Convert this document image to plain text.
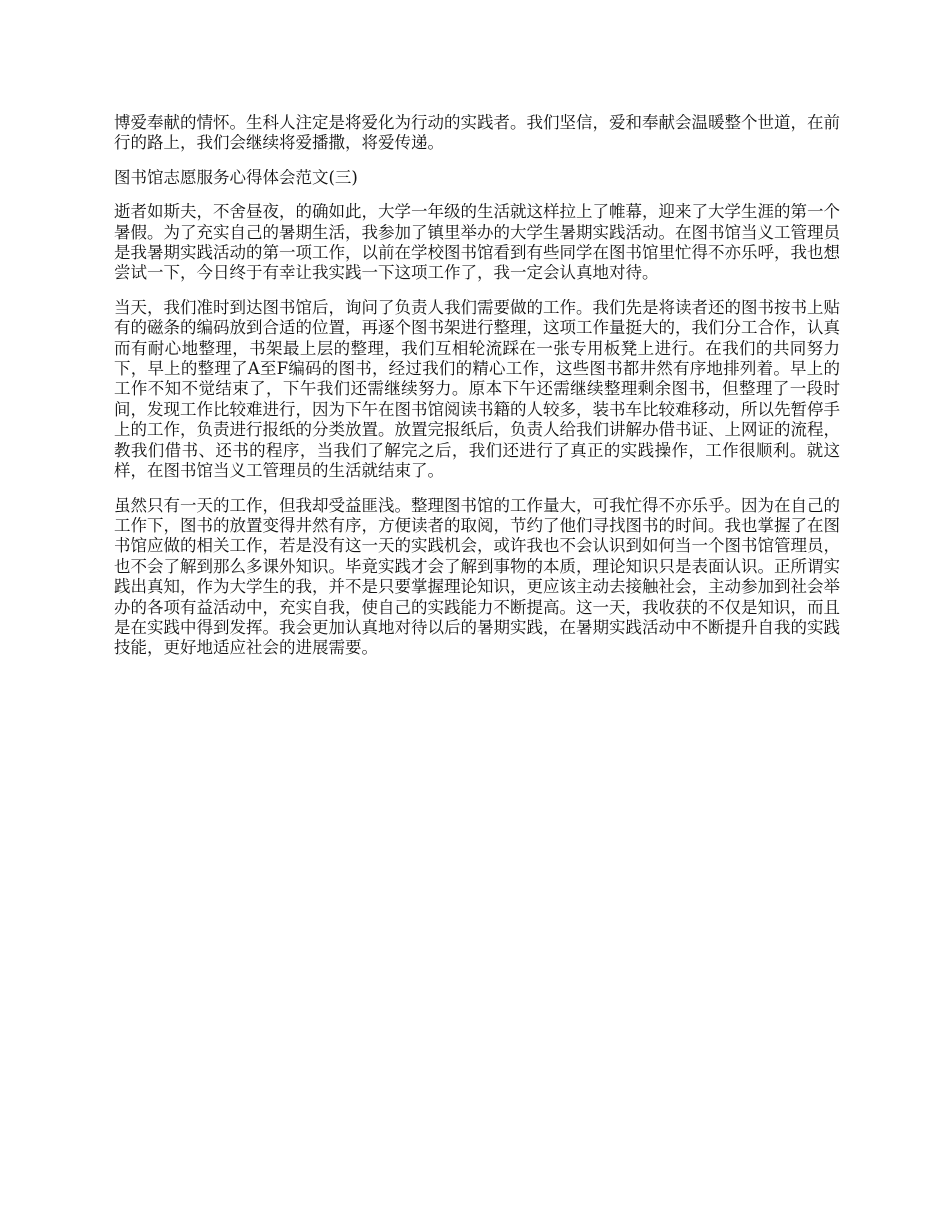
博爱奉献的情怀。生科人注定是将爱化为行动的实践者。我们坚信，爱和奉献会温暖整个世道，在前行的路上，我们会继续将爱播撒，将爱传递。

图书馆志愿服务心得体会范文(三)

逝者如斯夫，不舍昼夜，的确如此，大学一年级的生活就这样拉上了帷幕，迎来了大学生涯的第一个暑假。为了充实自己的暑期生活，我参加了镇里举办的大学生暑期实践活动。在图书馆当义工管理员是我暑期实践活动的第一项工作，以前在学校图书馆看到有些同学在图书馆里忙得不亦乐呼，我也想尝试一下，今日终于有幸让我实践一下这项工作了，我一定会认真地对待。

当天，我们准时到达图书馆后，询问了负责人我们需要做的工作。我们先是将读者还的图书按书上贴有的磁条的编码放到合适的位置，再逐个图书架进行整理，这项工作量挺大的，我们分工合作，认真而有耐心地整理，书架最上层的整理，我们互相轮流踩在一张专用板凳上进行。在我们的共同努力下，早上的整理了A至F编码的图书，经过我们的精心工作，这些图书都井然有序地排列着。早上的工作不知不觉结束了，下午我们还需继续努力。原本下午还需继续整理剩余图书，但整理了一段时间，发现工作比较难进行，因为下午在图书馆阅读书籍的人较多，装书车比较难移动，所以先暂停手上的工作，负责进行报纸的分类放置。放置完报纸后，负责人给我们讲解办借书证、上网证的流程，教我们借书、还书的程序，当我们了解完之后，我们还进行了真正的实践操作，工作很顺利。就这样，在图书馆当义工管理员的生活就结束了。

虽然只有一天的工作，但我却受益匪浅。整理图书馆的工作量大，可我忙得不亦乐乎。因为在自己的工作下，图书的放置变得井然有序，方便读者的取阅，节约了他们寻找图书的时间。我也掌握了在图书馆应做的相关工作，若是没有这一天的实践机会，或许我也不会认识到如何当一个图书馆管理员，也不会了解到那么多课外知识。毕竟实践才会了解到事物的本质，理论知识只是表面认识。正所谓实践出真知，作为大学生的我，并不是只要掌握理论知识，更应该主动去接触社会，主动参加到社会举办的各项有益活动中，充实自我，使自己的实践能力不断提高。这一天，我收获的不仅是知识，而且是在实践中得到发挥。我会更加认真地对待以后的暑期实践，在暑期实践活动中不断提升自我的实践技能，更好地适应社会的进展需要。
